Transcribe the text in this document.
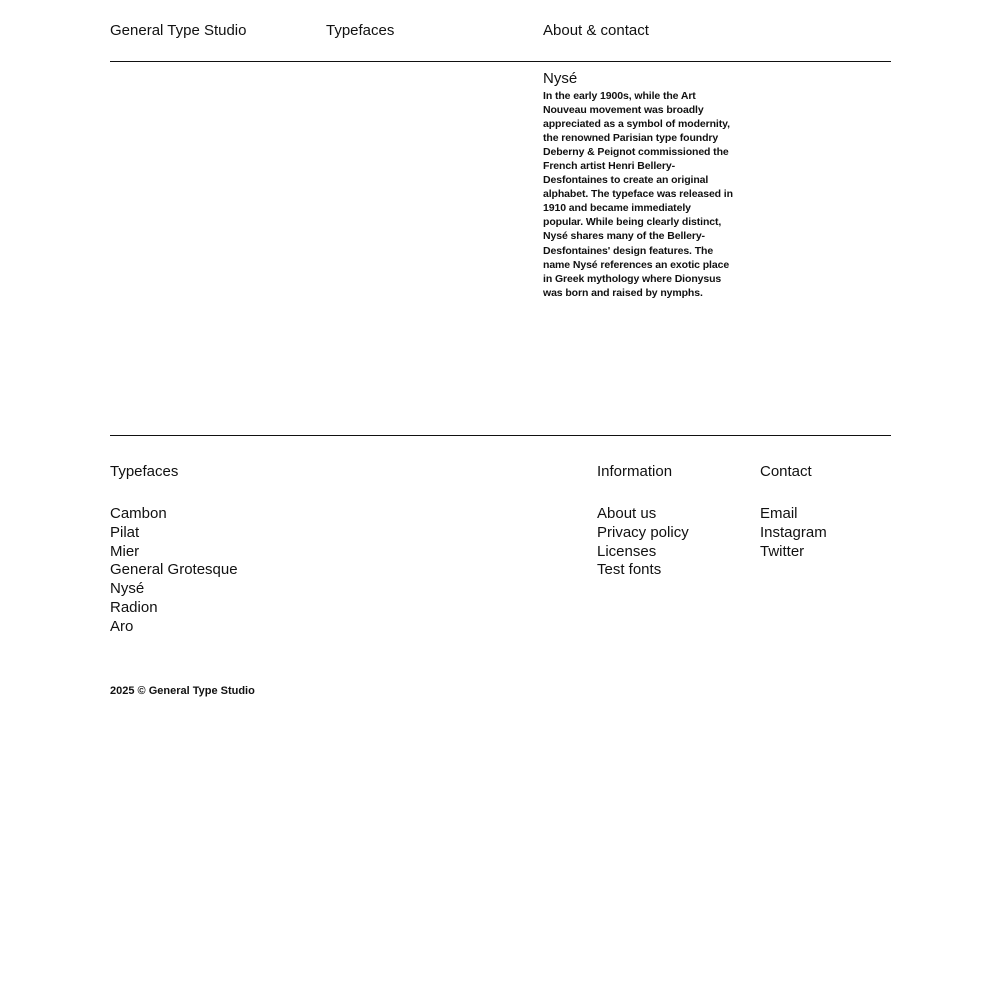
General Type Studio	Typefaces	About & contact
Nysé

In the early 1900s, while the Art Nouveau movement was broadly appreciated as a symbol of modernity, the renowned Parisian type foundry Deberny & Peignot commissioned the French artist Henri Bellery-Desfontaines to create an original alphabet. The typeface was released in 1910 and became immediately popular. While being clearly distinct, Nysé shares many of the Bellery-Desfontaines' design features. The name Nysé references an exotic place in Greek mythology where Dionysus was born and raised by nymphs.

Typefaces
Cambon
Pilat
Mier
General Grotesque
Nysé
Radion
Aro
Information
About us
Privacy policy
Licenses
Test fonts
Contact
Email
Instagram
Twitter
2025 © General Type Studio
